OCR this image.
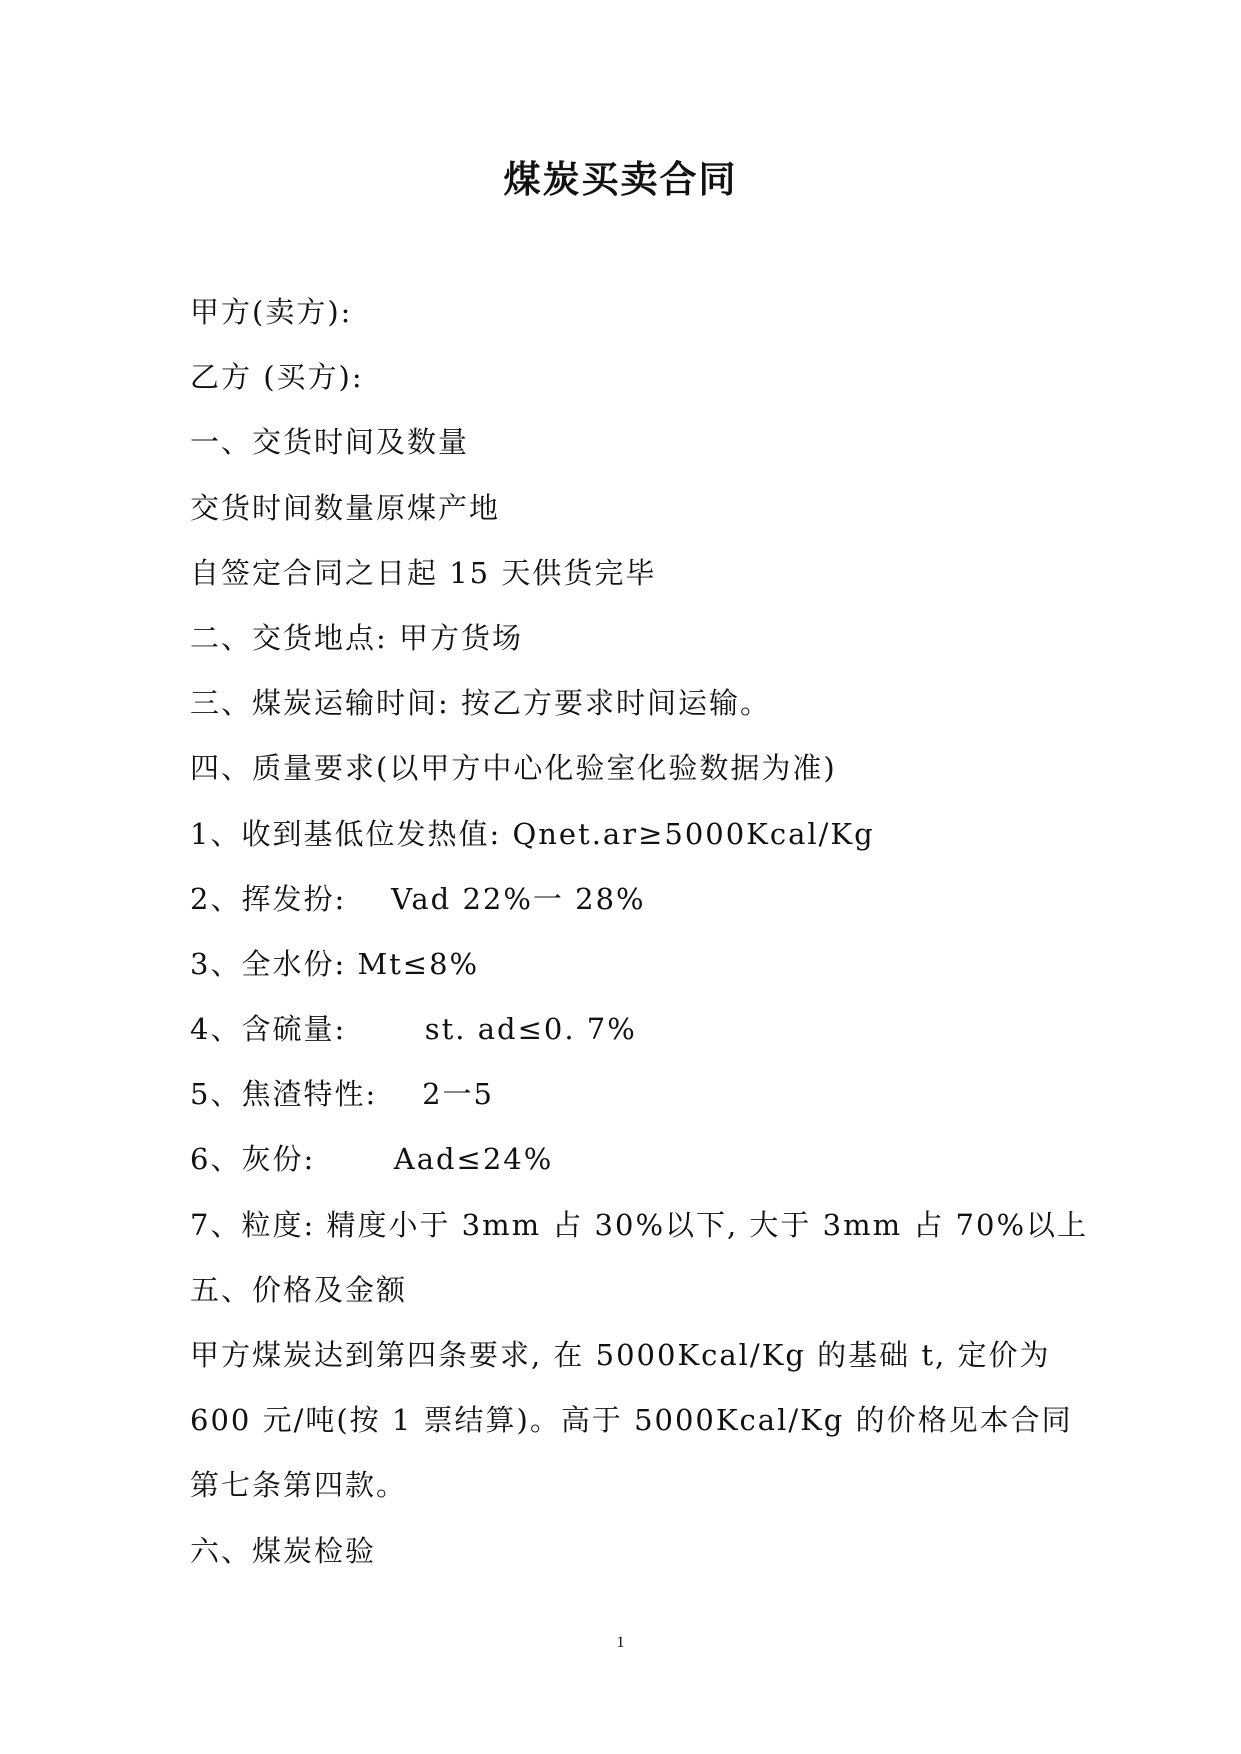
煤炭买卖合同
甲方(卖方):
乙方 (买方):
一、交货时间及数量
交货时间数量原煤产地
自签定合同之日起 15 天供货完毕
二、交货地点: 甲方货场
三、煤炭运输时间: 按乙方要求时间运输。
四、质量要求(以甲方中心化验室化验数据为准)
1、收到基低位发热值: Qnet.ar≥5000Kcal/Kg
2、挥发扮:    Vad 22%一 28%
3、全水份: Mt≤8%
4、含硫量:       st. ad≤0. 7%
5、焦渣特性:    2一5
6、灰份:       Aad≤24%
7、粒度: 精度小于 3mm 占 30%以下, 大于 3mm 占 70%以上
五、价格及金额
甲方煤炭达到第四条要求, 在 5000Kcal/Kg 的基础 t, 定价为
600 元/吨(按 1 票结算)。高于 5000Kcal/Kg 的价格见本合同
第七条第四款。
六、煤炭检验
1
